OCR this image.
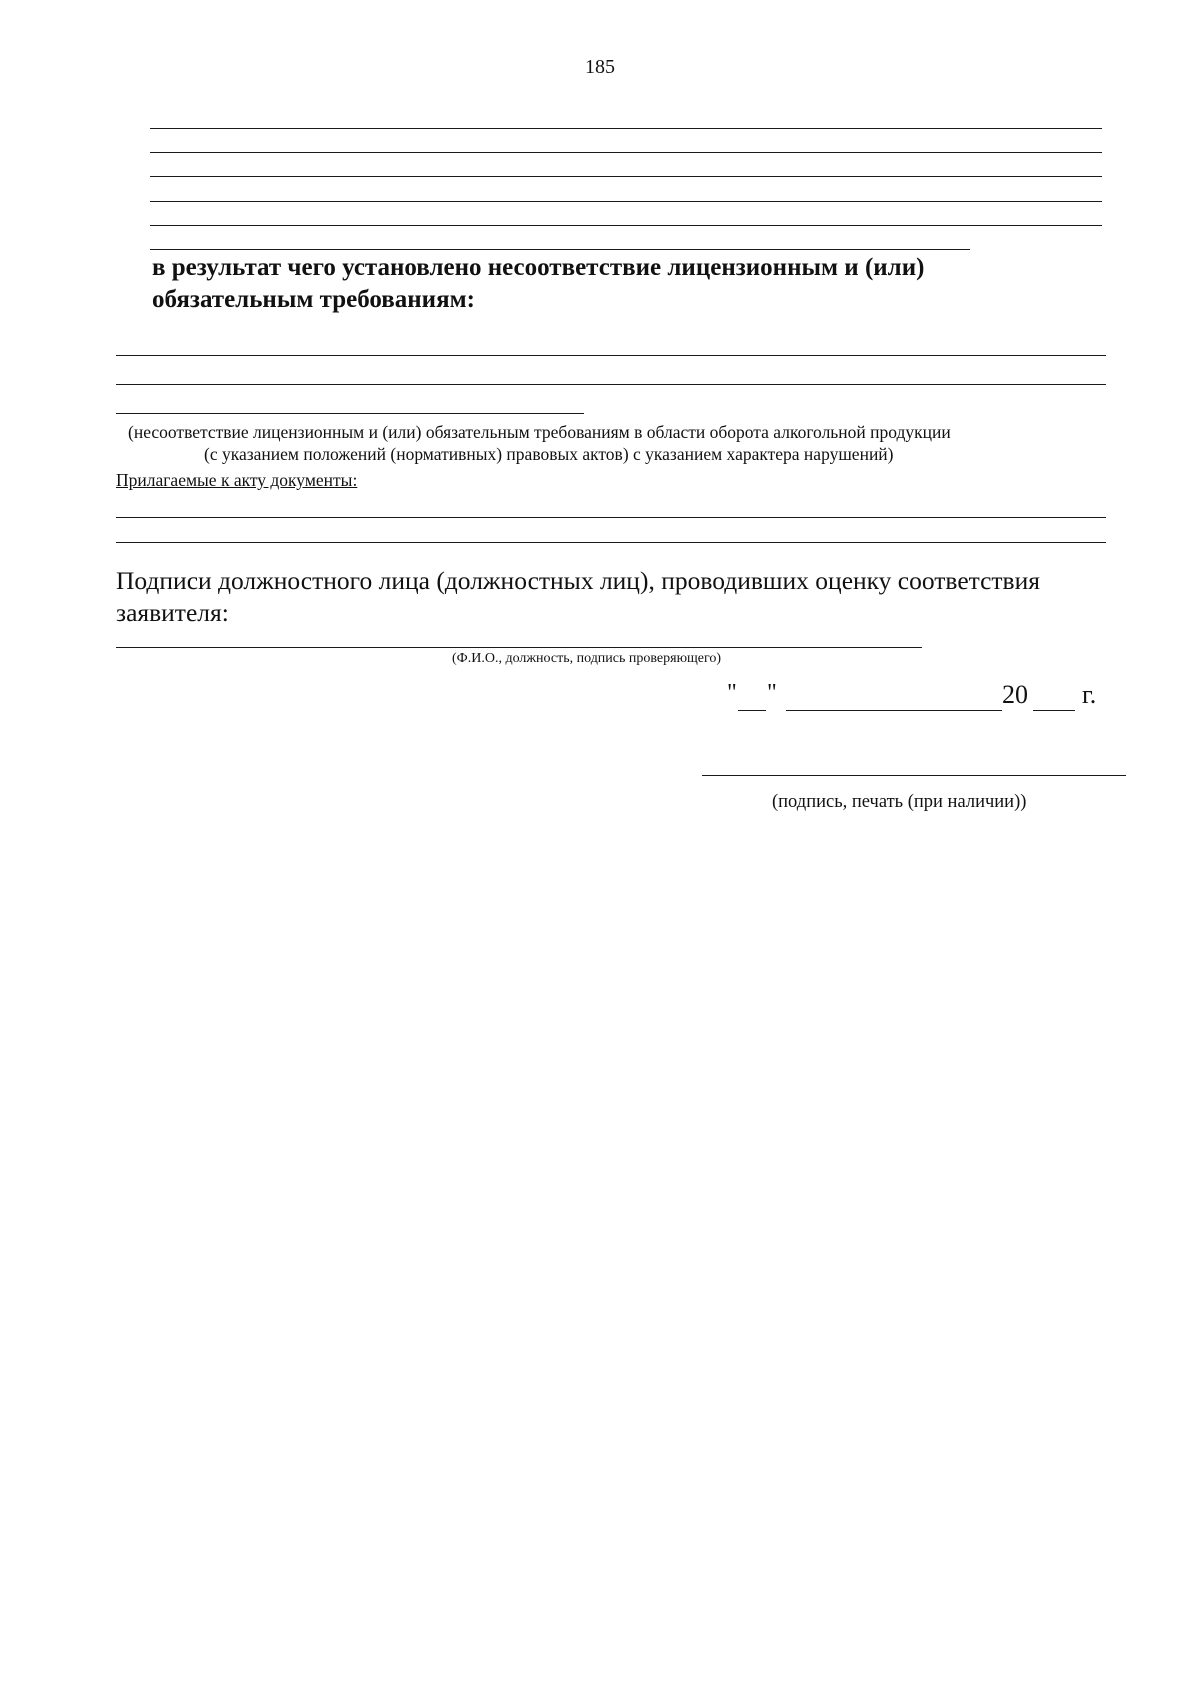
185
в результат чего установлено несоответствие лицензионным и (или) обязательным требованиям:
(несоответствие лицензионным и (или) обязательным требованиям в области оборота алкогольной продукции
(с указанием положений (нормативных) правовых актов) с указанием характера нарушений)
Прилагаемые к акту документы:
Подписи должностного лица (должностных лиц), проводивших оценку соответствия заявителя:
(Ф.И.О., должность, подпись проверяющего)
" "	20 г.
(подпись, печать (при наличии))
